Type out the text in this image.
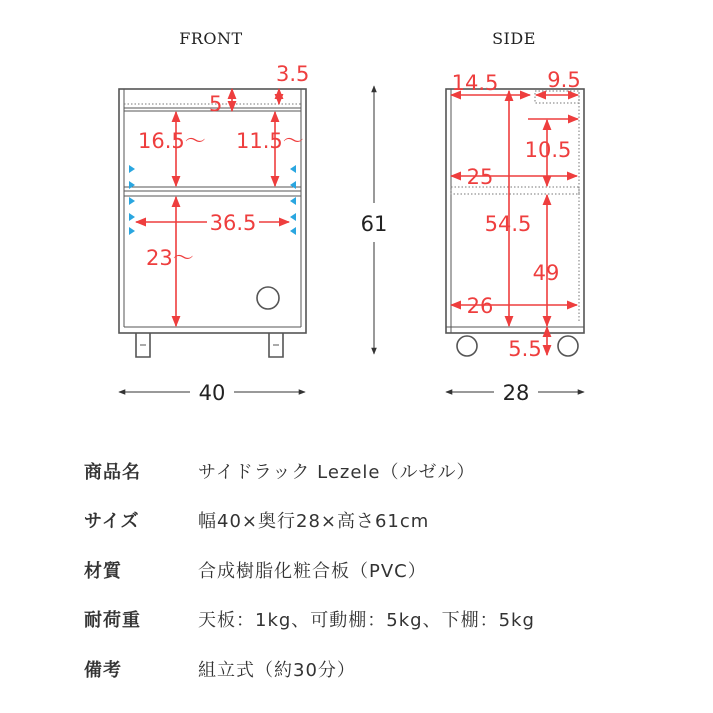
FRONT
3.5
5
16.5～ 11.5～
36.5
23～
40
61
SIDE
14.5 9.5
10.5
25
54.5
49
26
5.5
28
商品名	サイドラック Lezele（ルゼル）
サイズ	幅40×奥行28×高さ61cm
材質	合成樹脂化粧合板（PVC）
耐荷重	天板：1kg、可動棚：5kg、下棚：5kg
備考	組立式（約30分）
